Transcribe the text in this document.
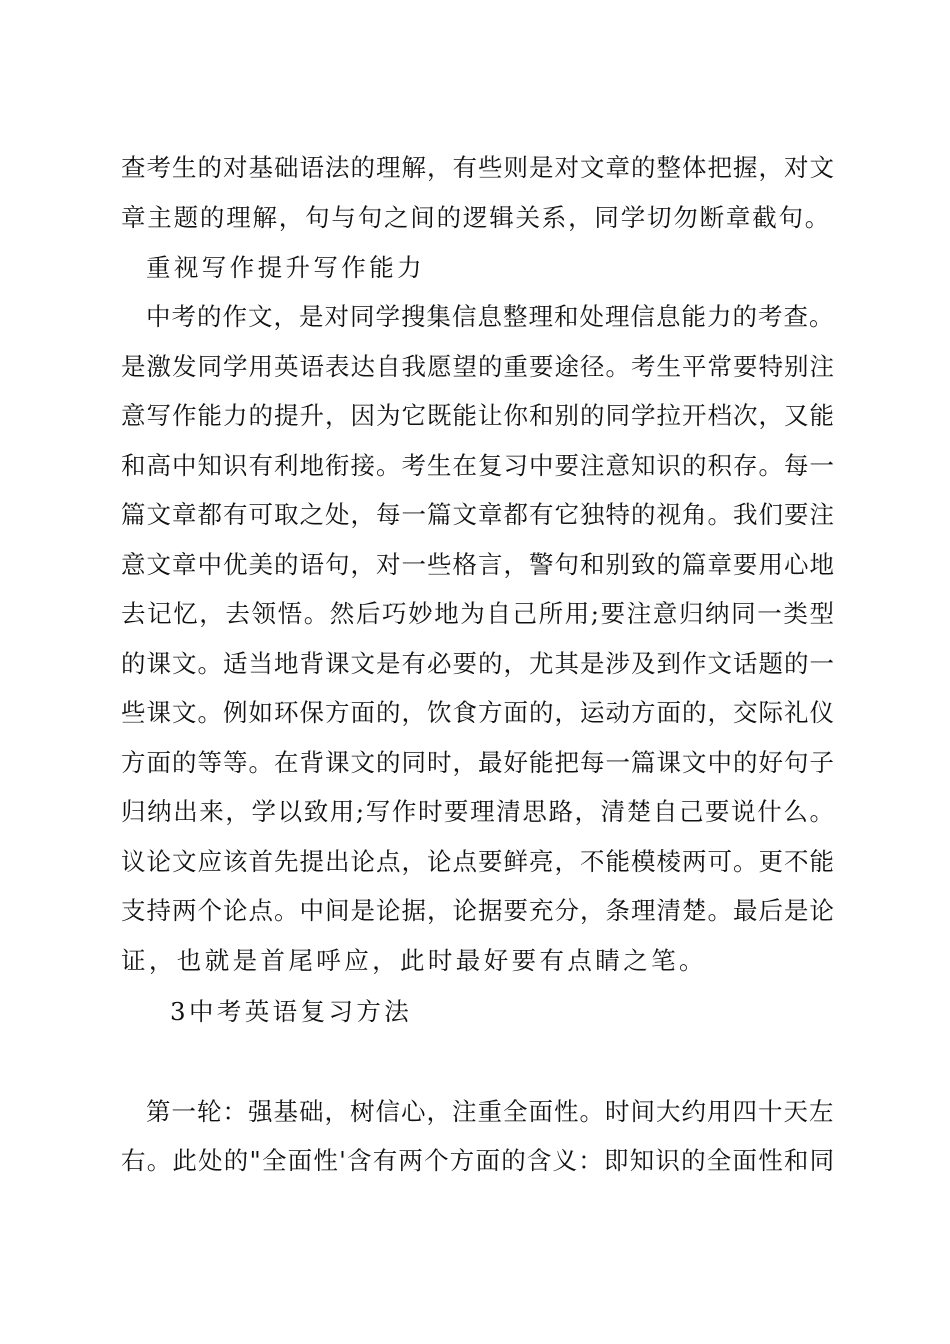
查考生的对基础语法的理解，有些则是对文章的整体把握，对文

章主题的理解，句与句之间的逻辑关系，同学切勿断章截句。

重视写作提升写作能力

中考的作文，是对同学搜集信息整理和处理信息能力的考查。

是激发同学用英语表达自我愿望的重要途径。考生平常要特别注

意写作能力的提升，因为它既能让你和别的同学拉开档次，又能

和高中知识有利地衔接。考生在复习中要注意知识的积存。每一

篇文章都有可取之处，每一篇文章都有它独特的视角。我们要注

意文章中优美的语句，对一些格言，警句和别致的篇章要用心地

去记忆，去领悟。然后巧妙地为自己所用;要注意归纳同一类型

的课文。适当地背课文是有必要的，尤其是涉及到作文话题的一

些课文。例如环保方面的，饮食方面的，运动方面的，交际礼仪

方面的等等。在背课文的同时，最好能把每一篇课文中的好句子

归纳出来，学以致用;写作时要理清思路，清楚自己要说什么。

议论文应该首先提出论点，论点要鲜亮，不能模棱两可。更不能

支持两个论点。中间是论据，论据要充分，条理清楚。最后是论

证，也就是首尾呼应，此时最好要有点睛之笔。

3中考英语复习方法

第一轮：强基础，树信心，注重全面性。时间大约用四十天左

右。此处的"全面性'含有两个方面的含义：即知识的全面性和同
